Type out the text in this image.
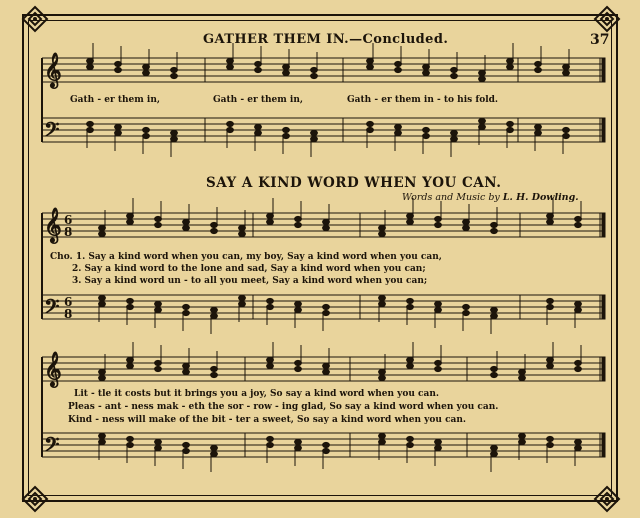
GATHER THEM IN.—Concluded.	37
SAY A KIND WORD WHEN YOU CAN.
Words and Music by L. H. Dowling.
Gath - er them in,	Gath - er them in,	Gath - er them in - to his fold.
Cho. 1. Say a kind word when you can, my boy, Say a kind word when you can,
2. Say a kind word to the lone and sad, Say a kind word when you can;
3. Say a kind word un - to all you meet, Say a kind word when you can;
Lit - tle it costs but it brings you a joy, So say a kind word when you can.
Pleas - ant - ness mak - eth the sor - row - ing glad, So say a kind word when you can.
Kind - ness will make of the bit - ter a sweet, So say a kind word when you can.
𝄞
𝄢
𝄞
𝄢
𝄞
𝄢
6
8
6
8
